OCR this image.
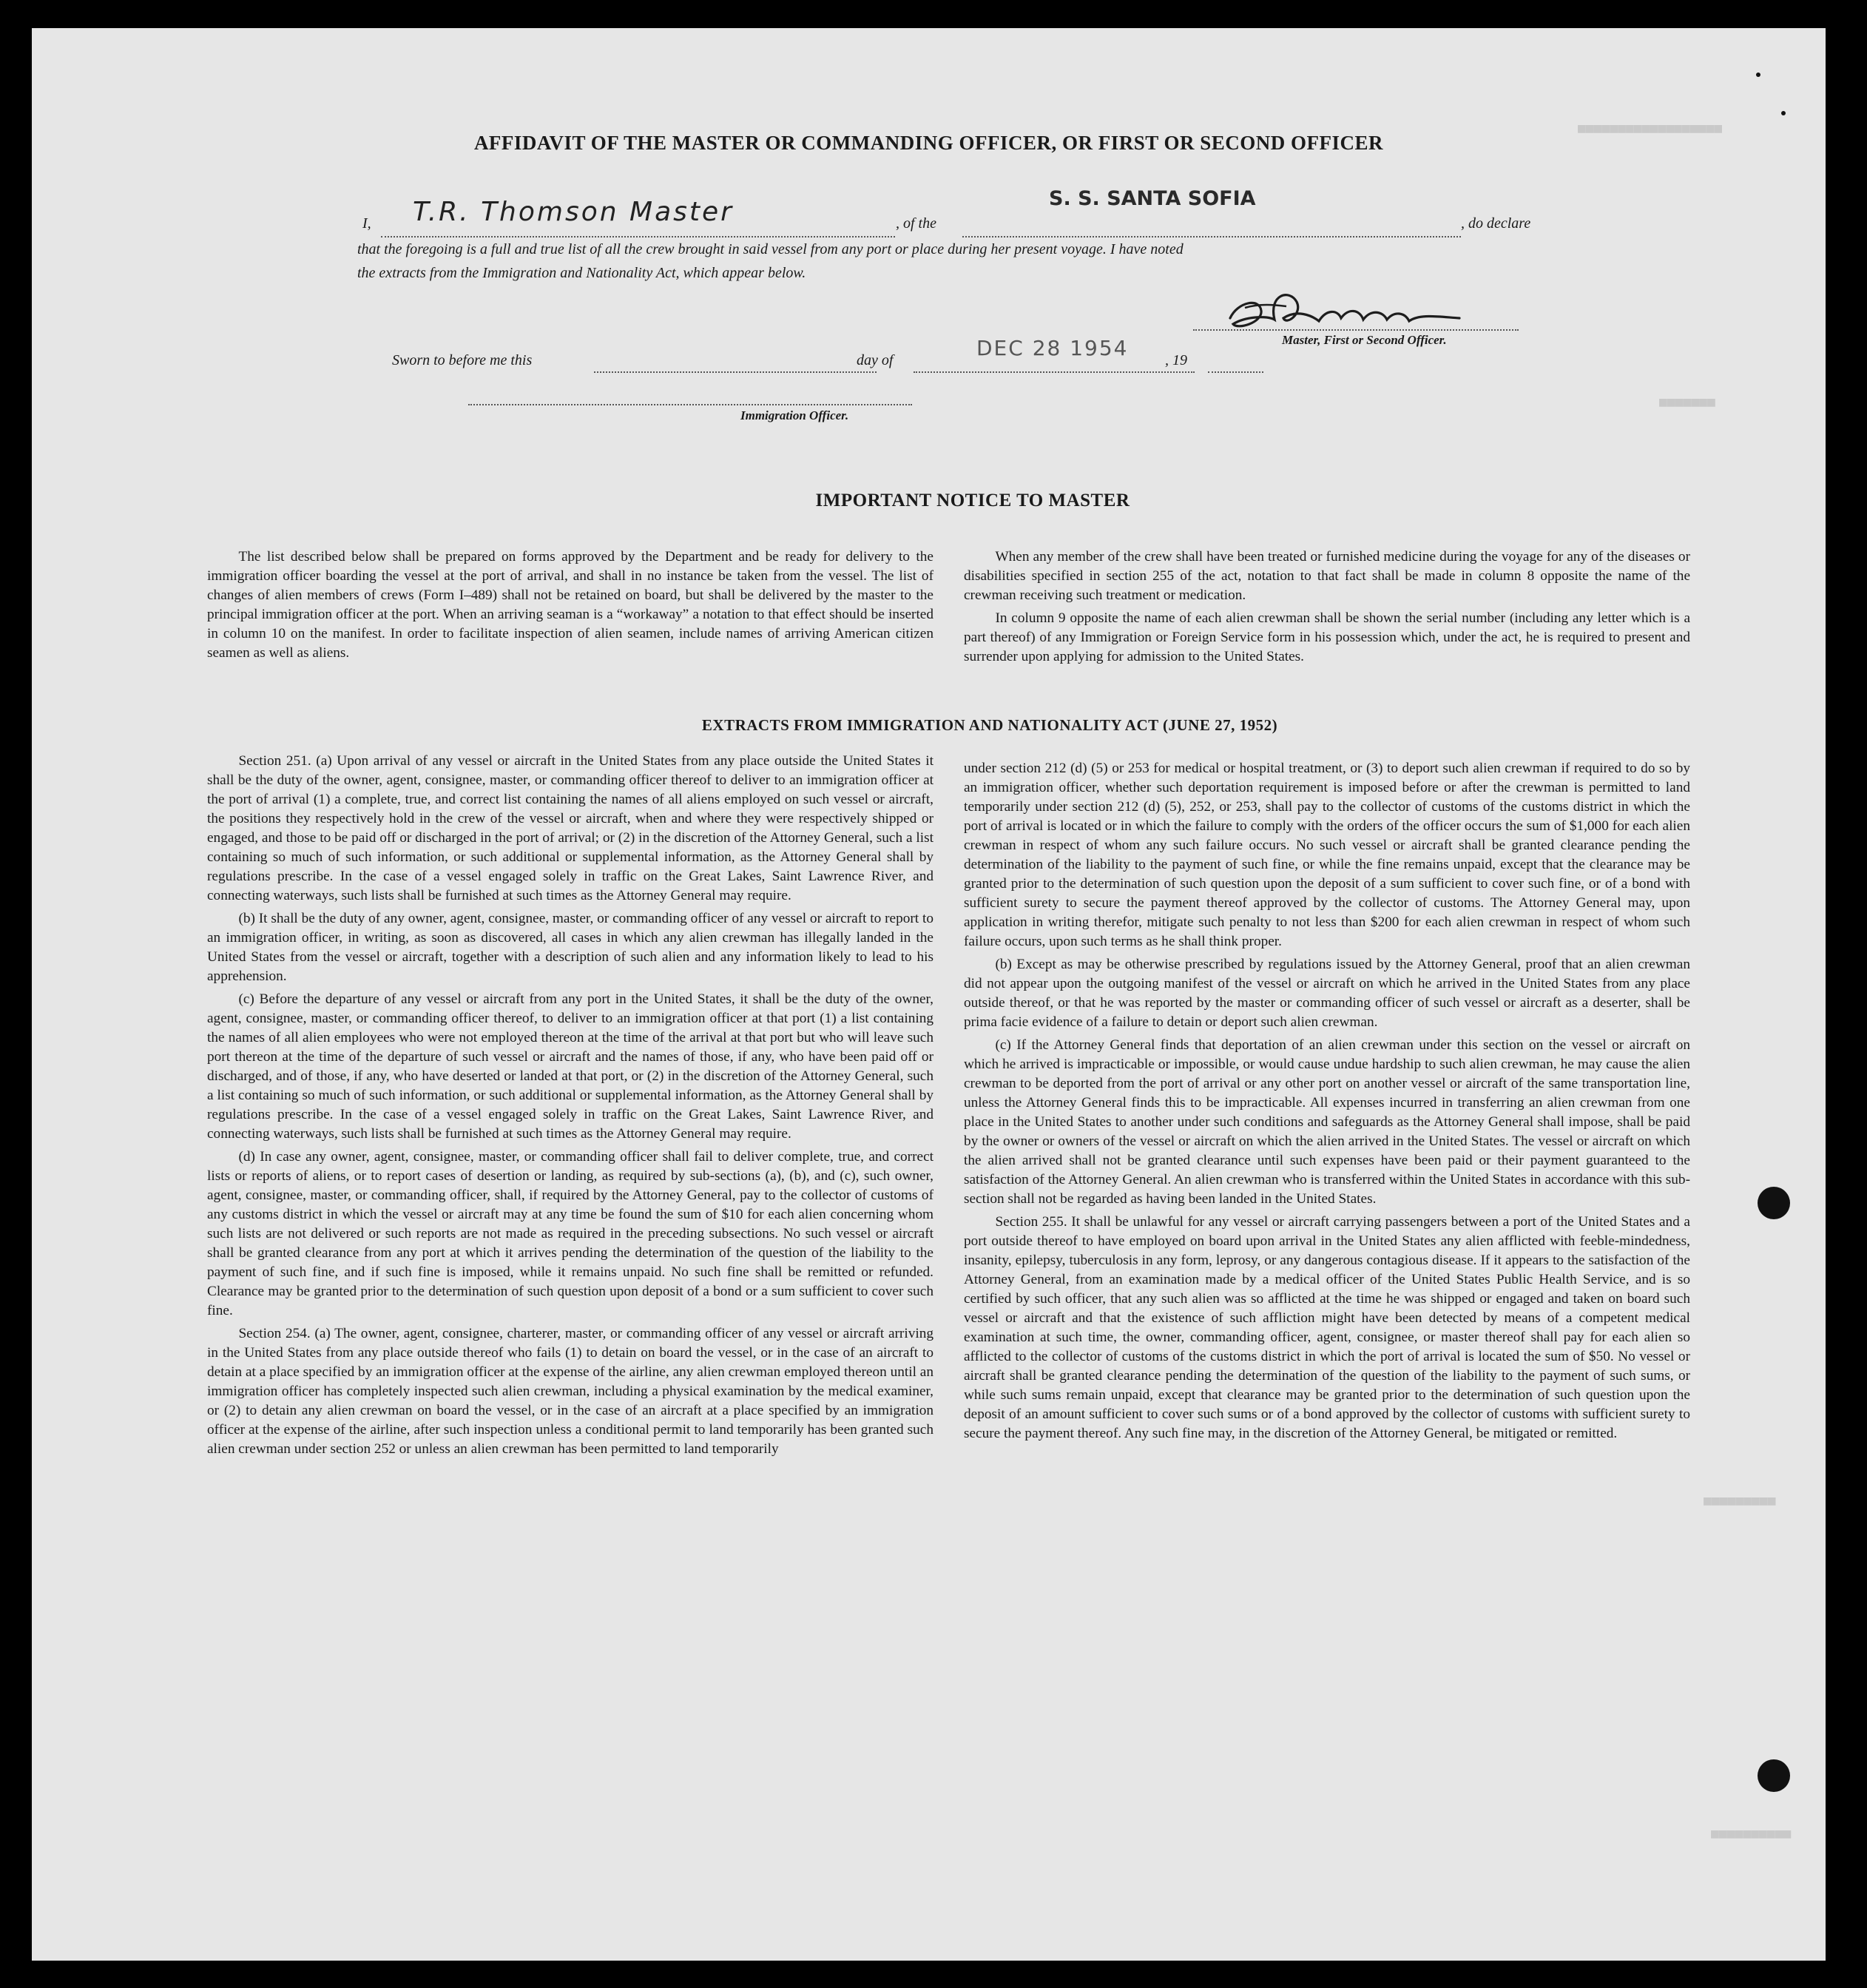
■■■■■■■■■■■■■■■■■■
■■■■■■■
■■■■■■■■■
■■■■■■■■■■
AFFIDAVIT OF THE MASTER OR COMMANDING OFFICER, OR FIRST OR SECOND OFFICER
I, T.R. Thomson Master	, of the
S. S. SANTA SOFIA
, do declare
that the foregoing is a full and true list of all the crew brought in said vessel from any port or place during her present voyage. I have noted
the extracts from the Immigration and Nationality Act, which appear below.
Master, First or Second Officer.
Sworn to before me this	day of	DEC 28 1954 , 19
Immigration Officer.
IMPORTANT NOTICE TO MASTER

The list described below shall be prepared on forms approved by the Department and be ready for delivery to the immigration officer boarding the vessel at the port of arrival, and shall in no instance be taken from the vessel. The list of changes of alien members of crews (Form I–489) shall not be retained on board, but shall be delivered by the master to the principal immigration officer at the port. When an arriving seaman is a “workaway” a notation to that effect should be inserted in column 10 on the manifest. In order to facilitate inspection of alien seamen, include names of arriving American citizen seamen as well as aliens.

When any member of the crew shall have been treated or furnished medicine during the voyage for any of the diseases or disabilities specified in section 255 of the act, notation to that fact shall be made in column 8 opposite the name of the crewman receiving such treatment or medication.

In column 9 opposite the name of each alien crewman shall be shown the serial number (including any letter which is a part thereof) of any Immigration or Foreign Service form in his possession which, under the act, he is required to present and surrender upon applying for admission to the United States.

EXTRACTS FROM IMMIGRATION AND NATIONALITY ACT (JUNE 27, 1952)

Section 251. (a) Upon arrival of any vessel or aircraft in the United States from any place outside the United States it shall be the duty of the owner, agent, consignee, master, or commanding officer thereof to deliver to an immigration officer at the port of arrival (1) a complete, true, and correct list containing the names of all aliens employed on such vessel or aircraft, the positions they respectively hold in the crew of the vessel or aircraft, when and where they were respectively shipped or engaged, and those to be paid off or discharged in the port of arrival; or (2) in the discretion of the Attorney General, such a list containing so much of such information, or such additional or supplemental information, as the Attorney General shall by regulations prescribe. In the case of a vessel engaged solely in traffic on the Great Lakes, Saint Lawrence River, and connecting waterways, such lists shall be furnished at such times as the Attorney General may require.

(b) It shall be the duty of any owner, agent, consignee, master, or commanding officer of any vessel or aircraft to report to an immigration officer, in writing, as soon as discovered, all cases in which any alien crewman has illegally landed in the United States from the vessel or aircraft, together with a description of such alien and any information likely to lead to his apprehension.

(c) Before the departure of any vessel or aircraft from any port in the United States, it shall be the duty of the owner, agent, consignee, master, or commanding officer thereof, to deliver to an immigration officer at that port (1) a list containing the names of all alien employees who were not employed thereon at the time of the arrival at that port but who will leave such port thereon at the time of the departure of such vessel or aircraft and the names of those, if any, who have been paid off or discharged, and of those, if any, who have deserted or landed at that port, or (2) in the discretion of the Attorney General, such a list containing so much of such information, or such additional or supplemental information, as the Attorney General shall by regulations prescribe. In the case of a vessel engaged solely in traffic on the Great Lakes, Saint Lawrence River, and connecting waterways, such lists shall be furnished at such times as the Attorney General may require.

(d) In case any owner, agent, consignee, master, or commanding officer shall fail to deliver complete, true, and correct lists or reports of aliens, or to report cases of desertion or landing, as required by sub-sections (a), (b), and (c), such owner, agent, consignee, master, or commanding officer, shall, if required by the Attorney General, pay to the collector of customs of any customs district in which the vessel or aircraft may at any time be found the sum of $10 for each alien concerning whom such lists are not delivered or such reports are not made as required in the preceding subsections. No such vessel or aircraft shall be granted clearance from any port at which it arrives pending the determination of the question of the liability to the payment of such fine, and if such fine is imposed, while it remains unpaid. No such fine shall be remitted or refunded. Clearance may be granted prior to the determination of such question upon deposit of a bond or a sum sufficient to cover such fine.

Section 254. (a) The owner, agent, consignee, charterer, master, or commanding officer of any vessel or aircraft arriving in the United States from any place outside thereof who fails (1) to detain on board the vessel, or in the case of an aircraft to detain at a place specified by an immigration officer at the expense of the airline, any alien crewman employed thereon until an immigration officer has completely inspected such alien crewman, including a physical examination by the medical examiner, or (2) to detain any alien crewman on board the vessel, or in the case of an aircraft at a place specified by an immigration officer at the expense of the airline, after such inspection unless a conditional permit to land temporarily has been granted such alien crewman under section 252 or unless an alien crewman has been permitted to land temporarily

under section 212 (d) (5) or 253 for medical or hospital treatment, or (3) to deport such alien crewman if required to do so by an immigration officer, whether such deportation requirement is imposed before or after the crewman is permitted to land temporarily under section 212 (d) (5), 252, or 253, shall pay to the collector of customs of the customs district in which the port of arrival is located or in which the failure to comply with the orders of the officer occurs the sum of $1,000 for each alien crewman in respect of whom any such failure occurs. No such vessel or aircraft shall be granted clearance pending the determination of the liability to the payment of such fine, or while the fine remains unpaid, except that the clearance may be granted prior to the determination of such question upon the deposit of a sum sufficient to cover such fine, or of a bond with sufficient surety to secure the payment thereof approved by the collector of customs. The Attorney General may, upon application in writing therefor, mitigate such penalty to not less than $200 for each alien crewman in respect of whom such failure occurs, upon such terms as he shall think proper.

(b) Except as may be otherwise prescribed by regulations issued by the Attorney General, proof that an alien crewman did not appear upon the outgoing manifest of the vessel or aircraft on which he arrived in the United States from any place outside thereof, or that he was reported by the master or commanding officer of such vessel or aircraft as a deserter, shall be prima facie evidence of a failure to detain or deport such alien crewman.

(c) If the Attorney General finds that deportation of an alien crewman under this section on the vessel or aircraft on which he arrived is impracticable or impossible, or would cause undue hardship to such alien crewman, he may cause the alien crewman to be deported from the port of arrival or any other port on another vessel or aircraft of the same transportation line, unless the Attorney General finds this to be impracticable. All expenses incurred in transferring an alien crewman from one place in the United States to another under such conditions and safeguards as the Attorney General shall impose, shall be paid by the owner or owners of the vessel or aircraft on which the alien arrived in the United States. The vessel or aircraft on which the alien arrived shall not be granted clearance until such expenses have been paid or their payment guaranteed to the satisfaction of the Attorney General. An alien crewman who is transferred within the United States in accordance with this sub-section shall not be regarded as having been landed in the United States.

Section 255. It shall be unlawful for any vessel or aircraft carrying passengers between a port of the United States and a port outside thereof to have employed on board upon arrival in the United States any alien afflicted with feeble-mindedness, insanity, epilepsy, tuberculosis in any form, leprosy, or any dangerous contagious disease. If it appears to the satisfaction of the Attorney General, from an examination made by a medical officer of the United States Public Health Service, and is so certified by such officer, that any such alien was so afflicted at the time he was shipped or engaged and taken on board such vessel or aircraft and that the existence of such affliction might have been detected by means of a competent medical examination at such time, the owner, commanding officer, agent, consignee, or master thereof shall pay for each alien so afflicted to the collector of customs of the customs district in which the port of arrival is located the sum of $50. No vessel or aircraft shall be granted clearance pending the determination of the question of the liability to the payment of such sums, or while such sums remain unpaid, except that clearance may be granted prior to the determination of such question upon the deposit of an amount sufficient to cover such sums or of a bond approved by the collector of customs with sufficient surety to secure the payment thereof. Any such fine may, in the discretion of the Attorney General, be mitigated or remitted.
